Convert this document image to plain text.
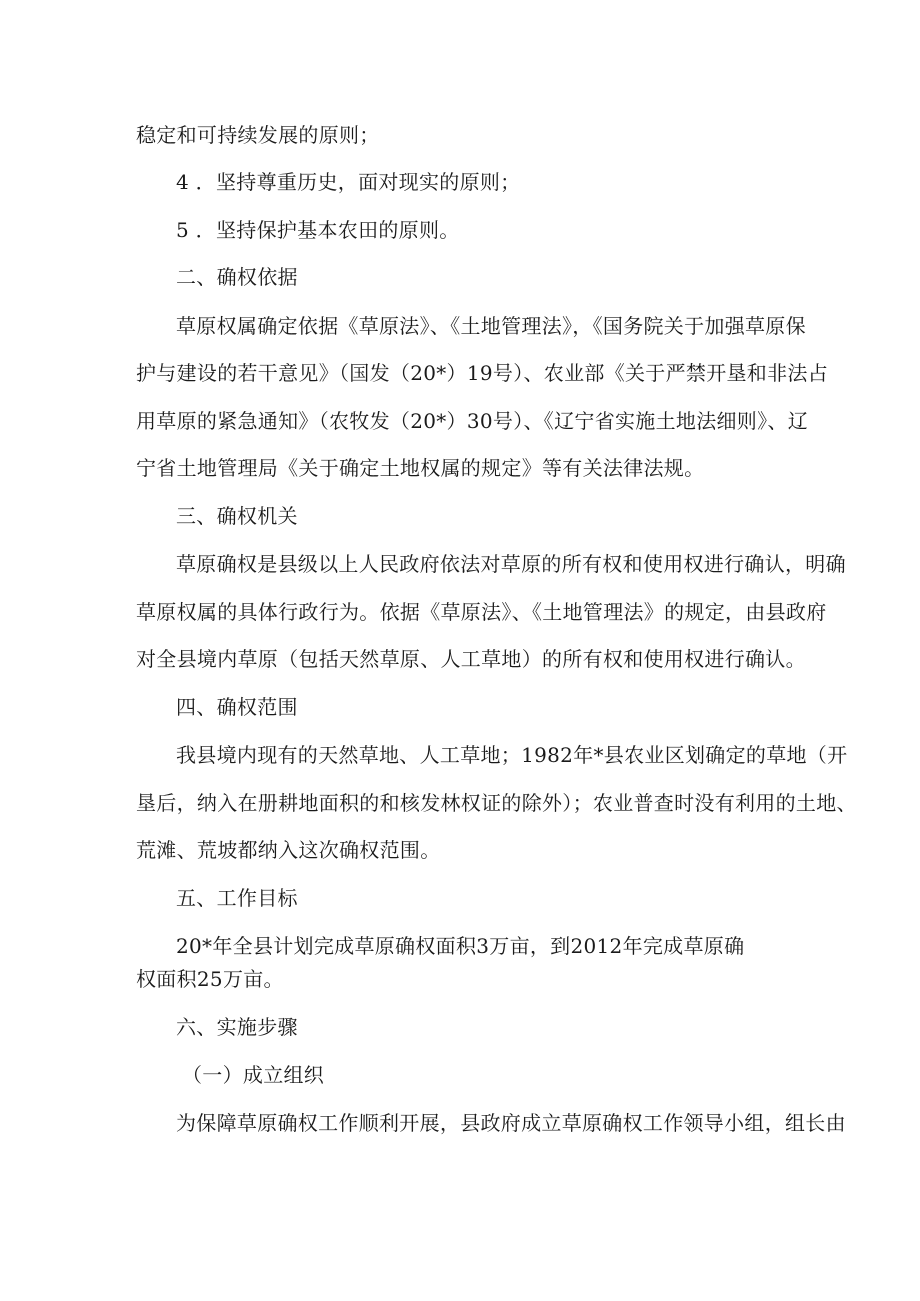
稳定和可持续发展的原则；
4 ．坚持尊重历史，面对现实的原则；
5 ．坚持保护基本农田的原则。
二、确权依据
草原权属确定依据《草原法》、《土地管理法》，《国务院关于加强草原保
护与建设的若干意见》（国发（20*）19号）、农业部《关于严禁开垦和非法占
用草原的紧急通知》（农牧发（20*）30号）、《辽宁省实施土地法细则》、辽
宁省土地管理局《关于确定土地权属的规定》等有关法律法规。
三、确权机关
草原确权是县级以上人民政府依法对草原的所有权和使用权进行确认，明确
草原权属的具体行政行为。依据《草原法》、《土地管理法》的规定，由县政府
对全县境内草原（包括天然草原、人工草地）的所有权和使用权进行确认。
四、确权范围
我县境内现有的天然草地、人工草地；1982年*县农业区划确定的草地（开
垦后，纳入在册耕地面积的和核发林权证的除外）；农业普查时没有利用的土地、
荒滩、荒坡都纳入这次确权范围。
五、工作目标
20*年全县计划完成草原确权面积3万亩，到2012年完成草原确
权面积25万亩。
六、实施步骤
（一）成立组织
为保障草原确权工作顺利开展，县政府成立草原确权工作领导小组，组长由
